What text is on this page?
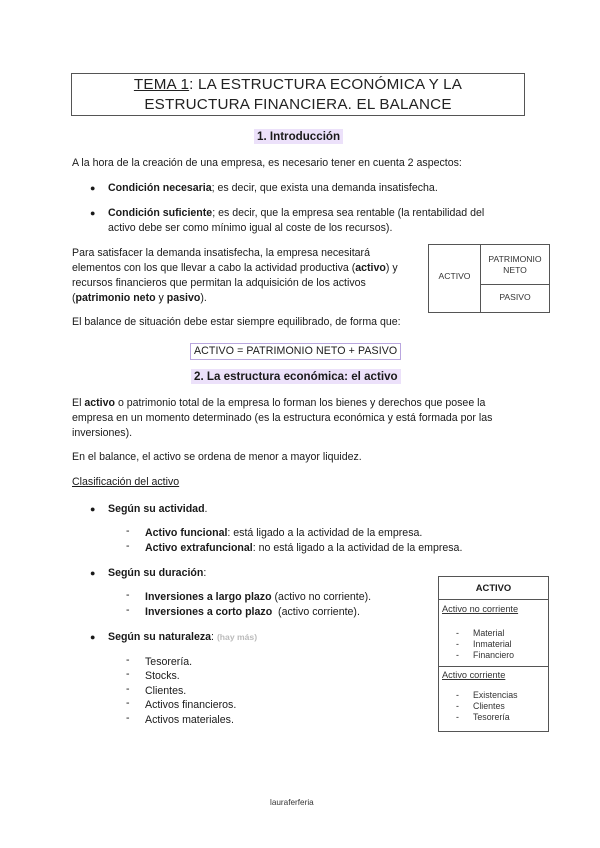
TEMA 1: LA ESTRUCTURA ECONÓMICA Y LA
ESTRUCTURA FINANCIERA. EL BALANCE
1. Introducción
A la hora de la creación de una empresa, es necesario tener en cuenta 2 aspectos:
● Condición necesaria; es decir, que exista una demanda insatisfecha.
● Condición suficiente; es decir, que la empresa sea rentable (la rentabilidad del
activo debe ser como mínimo igual al coste de los recursos).
Para satisfacer la demanda insatisfecha, la empresa necesitará
elementos con los que llevar a cabo la actividad productiva (activo) y
recursos financieros que permitan la adquisición de los activos
(patrimonio neto y pasivo).
ACTIVO
PATRIMONIO
NETO
PASIVO
El balance de situación debe estar siempre equilibrado, de forma que:
ACTIVO = PATRIMONIO NETO + PASIVO
2. La estructura económica: el activo
El activo o patrimonio total de la empresa lo forman los bienes y derechos que posee la
empresa en un momento determinado (es la estructura económica y está formada por las
inversiones).
En el balance, el activo se ordena de menor a mayor liquidez.
Clasificación del activo
● Según su actividad.
- Activo funcional: está ligado a la actividad de la empresa.
- Activo extrafuncional: no está ligado a la actividad de la empresa.
● Según su duración:
- Inversiones a largo plazo (activo no corriente).
- Inversiones a corto plazo  (activo corriente).
● Según su naturaleza: (hay más)
- Tesorería.
- Stocks.
- Clientes.
- Activos financieros.
- Activos materiales.
ACTIVO
Activo no corriente
- Material
- Inmaterial
- Financiero
Activo corriente
- Existencias
- Clientes
- Tesorería
lauraferferia
